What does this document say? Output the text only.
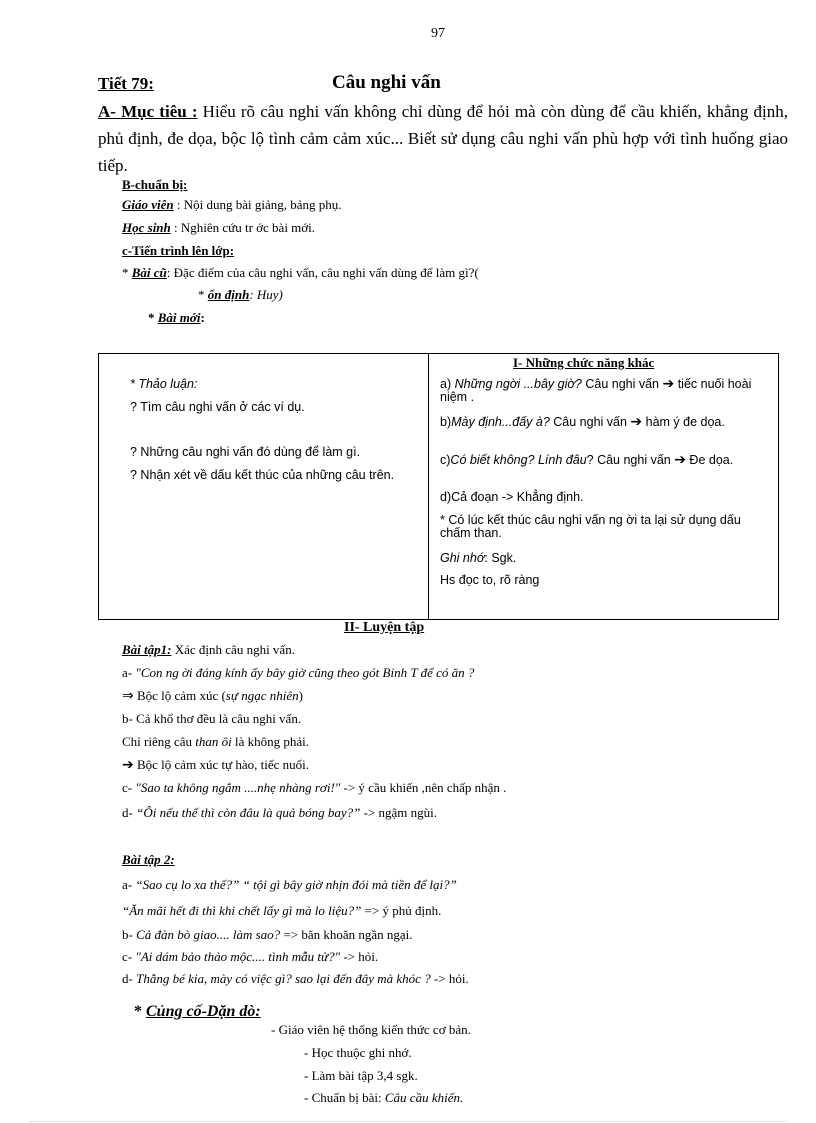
97
Tiết 79:	Câu nghi vấn
A- Mục tiêu : Hiểu rõ câu nghi vấn không chỉ dùng để hỏi mà còn dùng để cầu khiến, khẳng định, phủ định, đe dọa, bộc lộ tình cảm cảm xúc... Biết sử dụng câu nghi vấn phù hợp với tình huống giao tiếp.
B-chuẩn bị:
Giáo viên : Nội dung bài giảng, bảng phụ.
Học sinh : Nghiên cứu tr ớc bài mới.
c-Tiến trình lên lớp:
* Bài cũ: Đặc điểm của câu nghi vấn, câu nghi vấn dùng để làm gì?(
* ổn định: Huy)
* Bài mới:
I- Những chức năng khác
* Thảo luận:
? Tìm câu nghi vấn ở các ví dụ.
? Những câu nghi vấn đó dùng để làm gì.
? Nhận xét về dấu kết thúc của những câu trên.
a) Những ngời ...bây giờ? Câu nghi vấn ➔ tiếc nuối hoài niệm .
b)Mày định...đấy à? Câu nghi vấn ➔ hàm ý đe dọa.
c)Có biết không? Lính đâu? Câu nghi vấn ➔ Đe dọa.
d)Cả đoạn -> Khẳng định.
* Có lúc kết thúc câu nghi vấn ng ời ta lại sử dụng dấu chấm than.
Ghi nhớ: Sgk.
Hs đọc to, rõ ràng
II- Luyện tập
Bài tập1: Xác định câu nghi vấn.
a- "Con ng ời đáng kính ấy bây giờ cũng theo gót Binh T để có ăn ?
⇒ Bộc lộ cảm xúc (sự ngạc nhiên)
b- Cả khổ thơ đều là câu nghi vấn.
Chỉ riêng câu than ôi là không phải.
➔ Bộc lộ cảm xúc tự hào, tiếc nuối.
c- "Sao ta không ngắm ....nhẹ nhàng rơi!" -> ý cầu khiến ,nên chấp nhận .
d- “Ôi nếu thế thì còn đâu là quả bóng bay?” -> ngậm ngùi.
Bài tập 2:
a- “Sao cụ lo xa thế?” “ tội gì bây giờ nhịn đói mà tiền để lại?”
“Ăn mãi hết đi thì khi chết lấy gì mà lo liệu?” => ý phủ định.
b- Cả đàn bò giao.... làm sao? => băn khoăn ngần ngại.
c- "Ai dám bảo thảo mộc.... tình mẫu tử?" -> hỏi.
d- Thằng bé kia, mày có việc gì? sao lại đến đây mà khóc ? -> hỏi.
* Củng cố-Dặn dò:
- Giáo viên hệ thống kiến thức cơ bản.
- Học thuộc ghi nhớ.
- Làm bài tập 3,4 sgk.
- Chuẩn bị bài: Câu cầu khiến.
